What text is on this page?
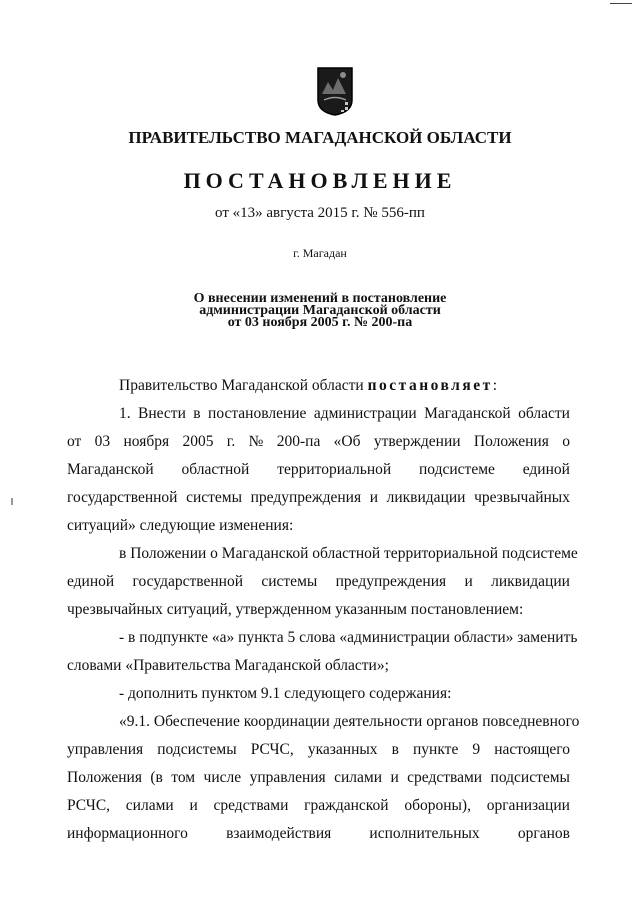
ПРАВИТЕЛЬСТВО МАГАДАНСКОЙ ОБЛАСТИ
ПОСТАНОВЛЕНИЕ
от «13» августа 2015 г. № 556-пп
г. Магадан
О внесении изменений в постановление
администрации Магаданской области
от 03 ноября 2005 г. № 200-па
Правительство Магаданской области постановляет:
1. Внести в постановление администрации Магаданской области
от 03 ноября 2005 г. № 200-па «Об утверждении Положения о
Магаданской областной территориальной подсистеме единой
государственной системы предупреждения и ликвидации чрезвычайных
ситуаций» следующие изменения:
в Положении о Магаданской областной территориальной подсистеме
единой государственной системы предупреждения и ликвидации
чрезвычайных ситуаций, утвержденном указанным постановлением:
- в подпункте «а» пункта 5 слова «администрации области» заменить
словами «Правительства Магаданской области»;
- дополнить пунктом 9.1 следующего содержания:
«9.1. Обеспечение координации деятельности органов повседневного
управления подсистемы РСЧС, указанных в пункте 9 настоящего
Положения (в том числе управления силами и средствами подсистемы
РСЧС, силами и средствами гражданской обороны), организации
информационного взаимодействия исполнительных органов
